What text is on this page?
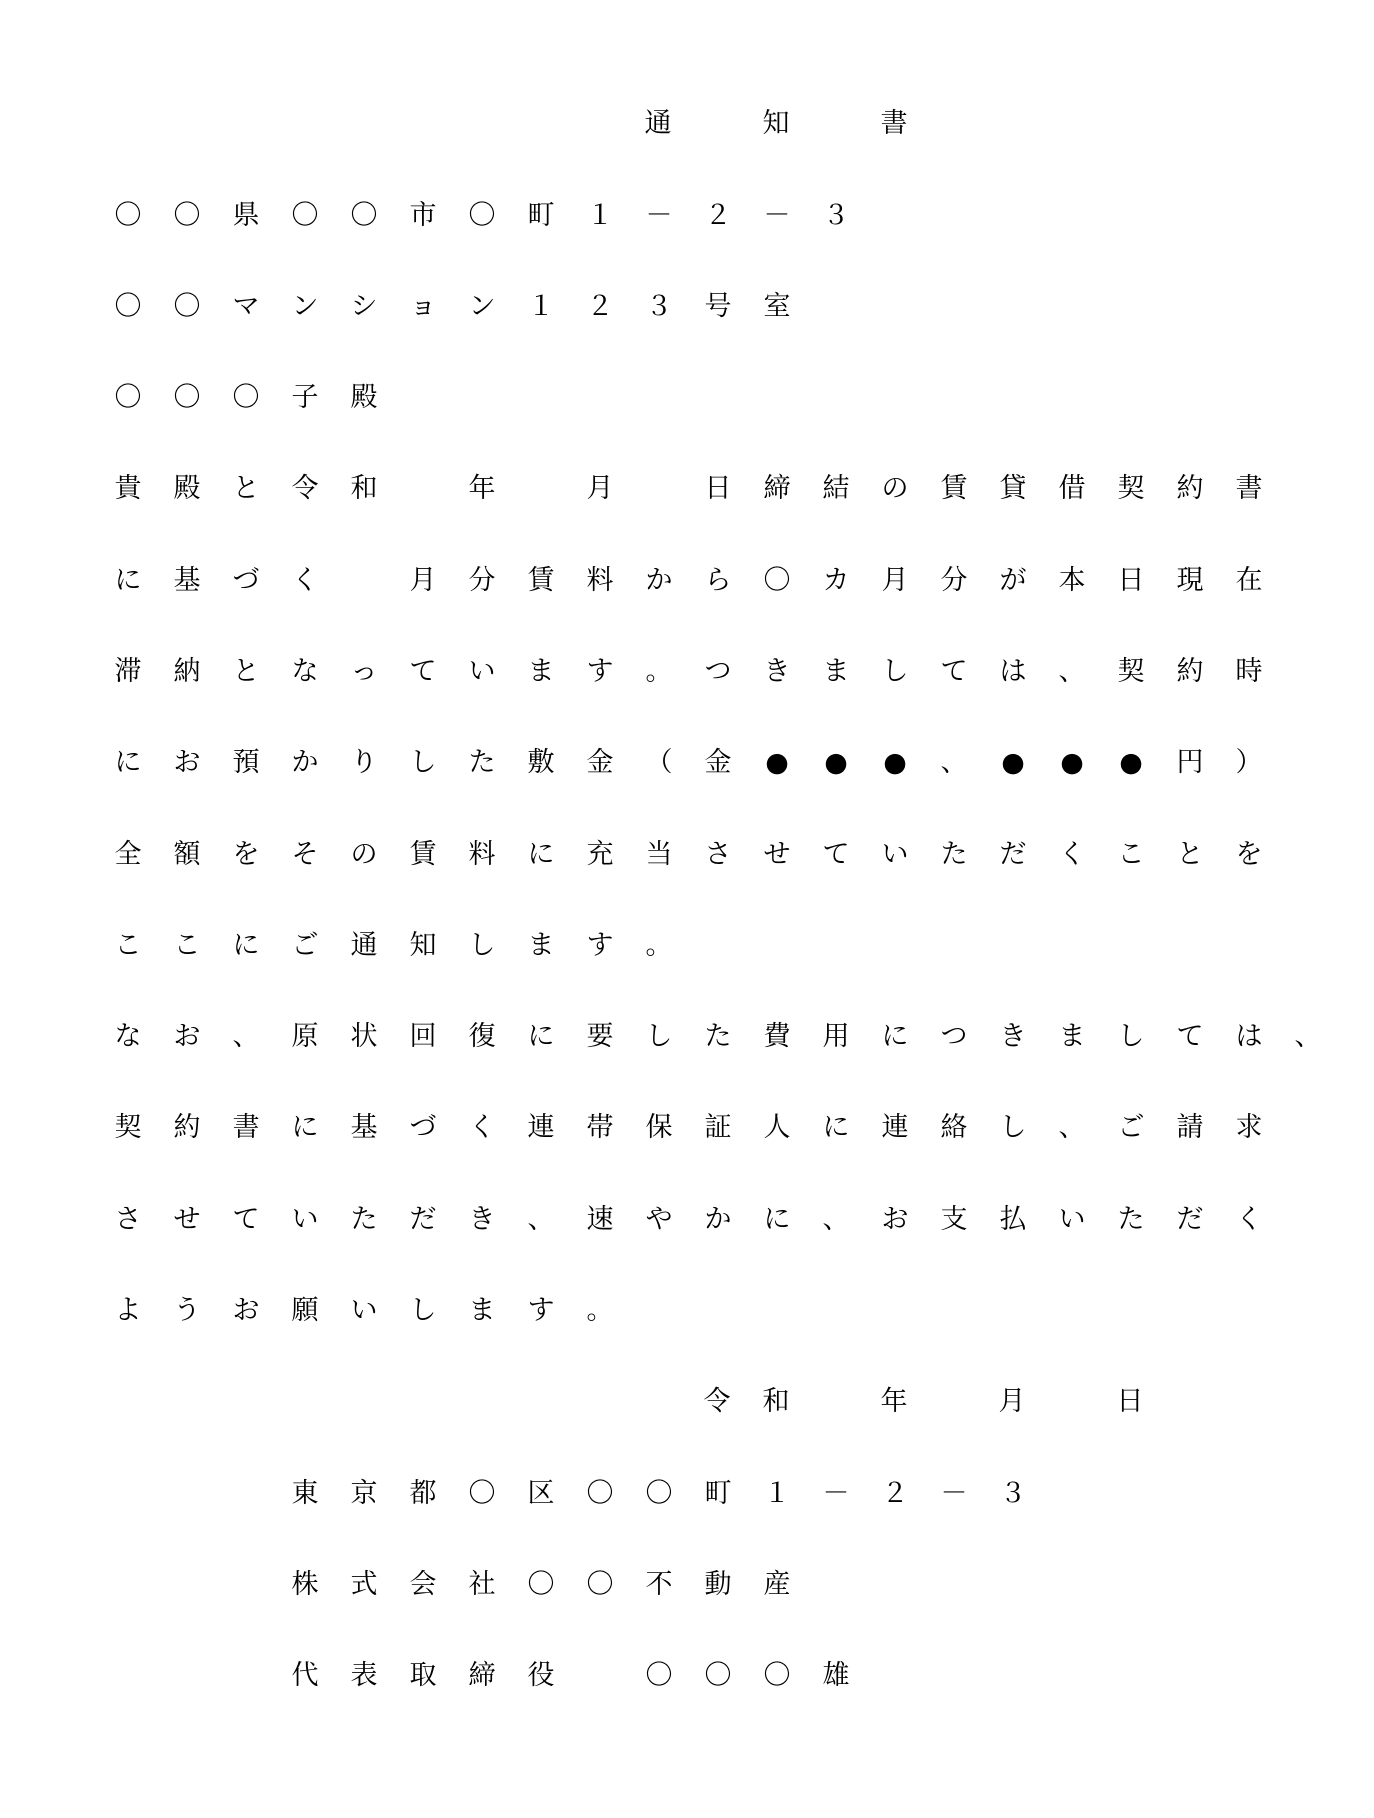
通
	知
	書
〇 〇 県 〇 〇 市 〇 町 １ － ２ － ３
〇 〇 マ ン シ ョ ン １ ２ ３ 号 室
〇 〇 〇 子 殿
貴 殿 と 令 和
	年
	月
	日 締 結 の 賃 貸 借 契 約 書
に 基 づ く
	月 分 賃 料 か ら 〇 カ 月 分 が 本 日 現 在
滞 納 と な っ て い ま す 。 つ き ま し て は 、 契 約 時
に お 預 か り し た 敷 金 （ 金	●	●	●	、	●	●	●	円 ）
全 額 を そ の 賃 料 に 充 当 さ せ て い た だ く こ と を
こ こ に ご 通 知 し ま す 。
な お 、 原 状 回 復 に 要 し た 費 用 に つ き ま し て は 、
契 約 書 に 基 づ く 連 帯 保 証 人 に 連 絡 し 、 ご 請 求
さ せ て い た だ き 、 速 や か に 、 お 支 払 い た だ く
よ う お 願 い し ま す 。
令 和
	年
	月
	日
東 京 都 〇 区 〇 〇 町 １ － ２ － ３
株 式 会 社 〇 〇 不 動 産
代 表 取 締 役
	〇 〇 〇 雄
